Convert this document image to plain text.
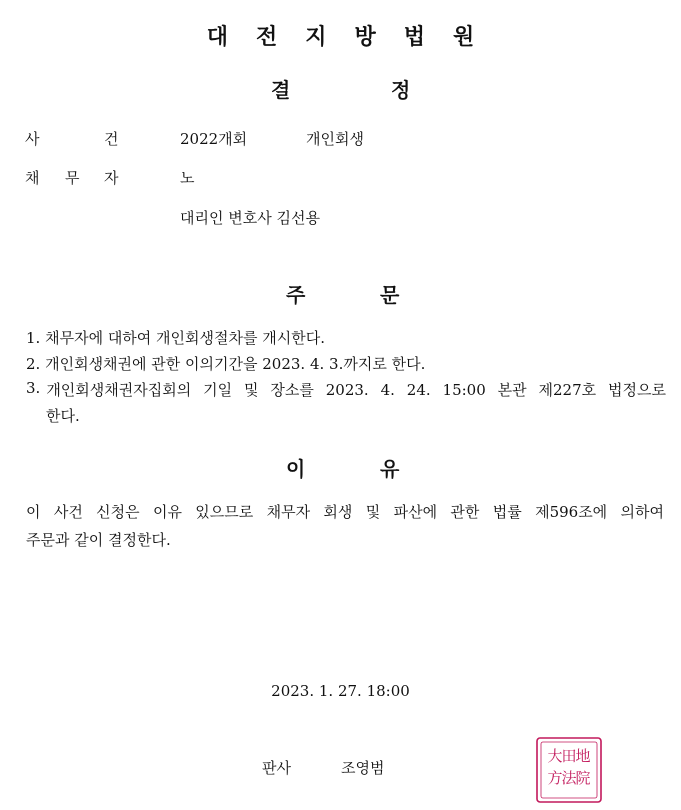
대전지방법원
결	정
사	건	2022개회	개인회생
채 무 자	노
대리인 변호사 김선용
주	문
1. 채무자에 대하여 개인회생절차를 개시한다.
2. 개인회생채권에 관한 이의기간을 2023. 4. 3.까지로 한다.
3. 개인회생채권자집회의 기일 및 장소를 2023. 4. 24. 15:00 본관 제227호 법정으로
한다.
이	유
이 사건 신청은 이유 있으므로 채무자 회생 및 파산에 관한 법률 제596조에 의하여
주문과 같이 결정한다.
2023. 1. 27. 18:00
판사	조영범
大
田
地
方
法
院
